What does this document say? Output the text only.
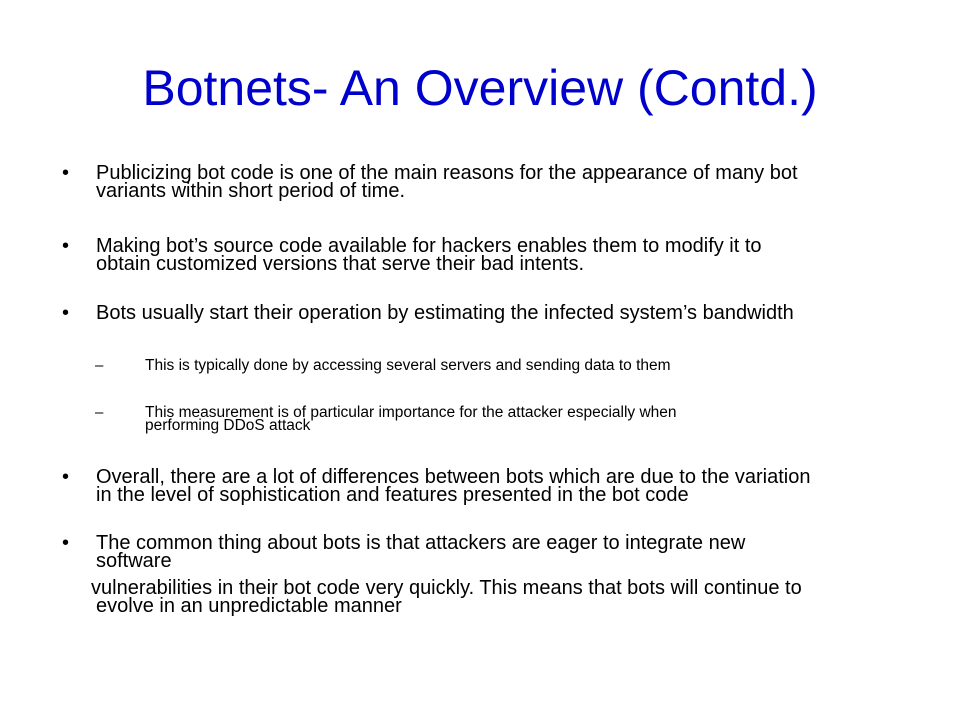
Botnets- An Overview (Contd.)
• Publicizing bot code is one of the main reasons for the appearance of many bot
variants within short period of time.
• Making bot’s source code available for hackers enables them to modify it to
obtain customized versions that serve their bad intents.
• Bots usually start their operation by estimating the infected system’s bandwidth
–	This is typically done by accessing several servers and sending data to them
–	This measurement is of particular importance for the attacker especially when
performing DDoS attack
• Overall, there are a lot of differences between bots which are due to the variation
in the level of sophistication and features presented in the bot code
• The common thing about bots is that attackers are eager to integrate new
software
vulnerabilities in their bot code very quickly. This means that bots will continue to
evolve in an unpredictable manner
